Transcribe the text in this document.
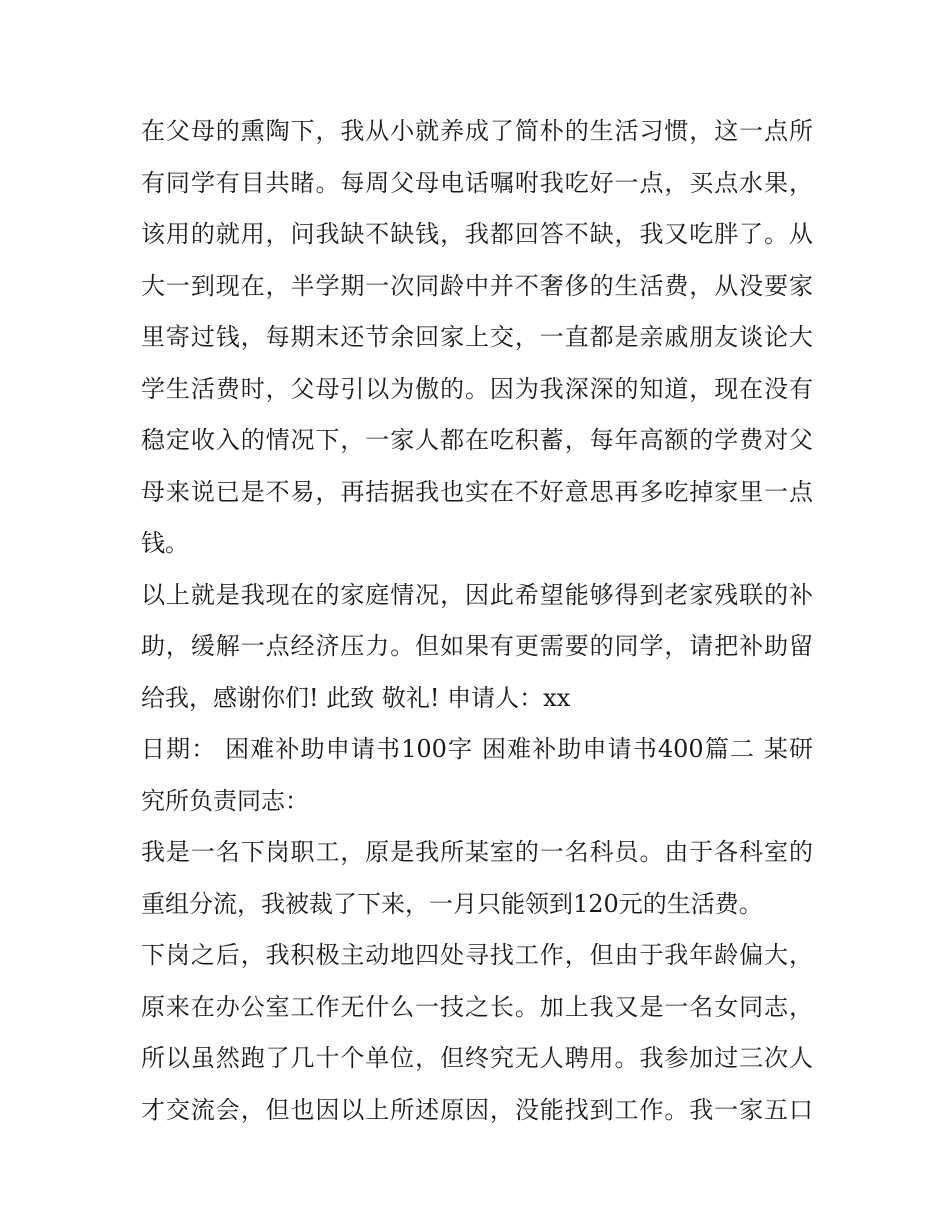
在父母的熏陶下，我从小就养成了简朴的生活习惯，这一点所
有同学有目共睹。每周父母电话嘱咐我吃好一点，买点水果，
该用的就用，问我缺不缺钱，我都回答不缺，我又吃胖了。从
大一到现在，半学期一次同龄中并不奢侈的生活费，从没要家
里寄过钱，每期末还节余回家上交，一直都是亲戚朋友谈论大
学生活费时，父母引以为傲的。因为我深深的知道，现在没有
稳定收入的情况下，一家人都在吃积蓄，每年高额的学费对父
母来说已是不易，再拮据我也实在不好意思再多吃掉家里一点
钱。
以上就是我现在的家庭情况，因此希望能够得到老家残联的补
助，缓解一点经济压力。但如果有更需要的同学，请把补助留
给我，感谢你们! 此致 敬礼! 申请人：xx
日期： 困难补助申请书100字 困难补助申请书400篇二 某研
究所负责同志：
我是一名下岗职工，原是我所某室的一名科员。由于各科室的
重组分流，我被裁了下来，一月只能领到120元的生活费。
下岗之后，我积极主动地四处寻找工作，但由于我年龄偏大，
原来在办公室工作无什么一技之长。加上我又是一名女同志，
所以虽然跑了几十个单位，但终究无人聘用。我参加过三次人
才交流会，但也因以上所述原因，没能找到工作。我一家五口
